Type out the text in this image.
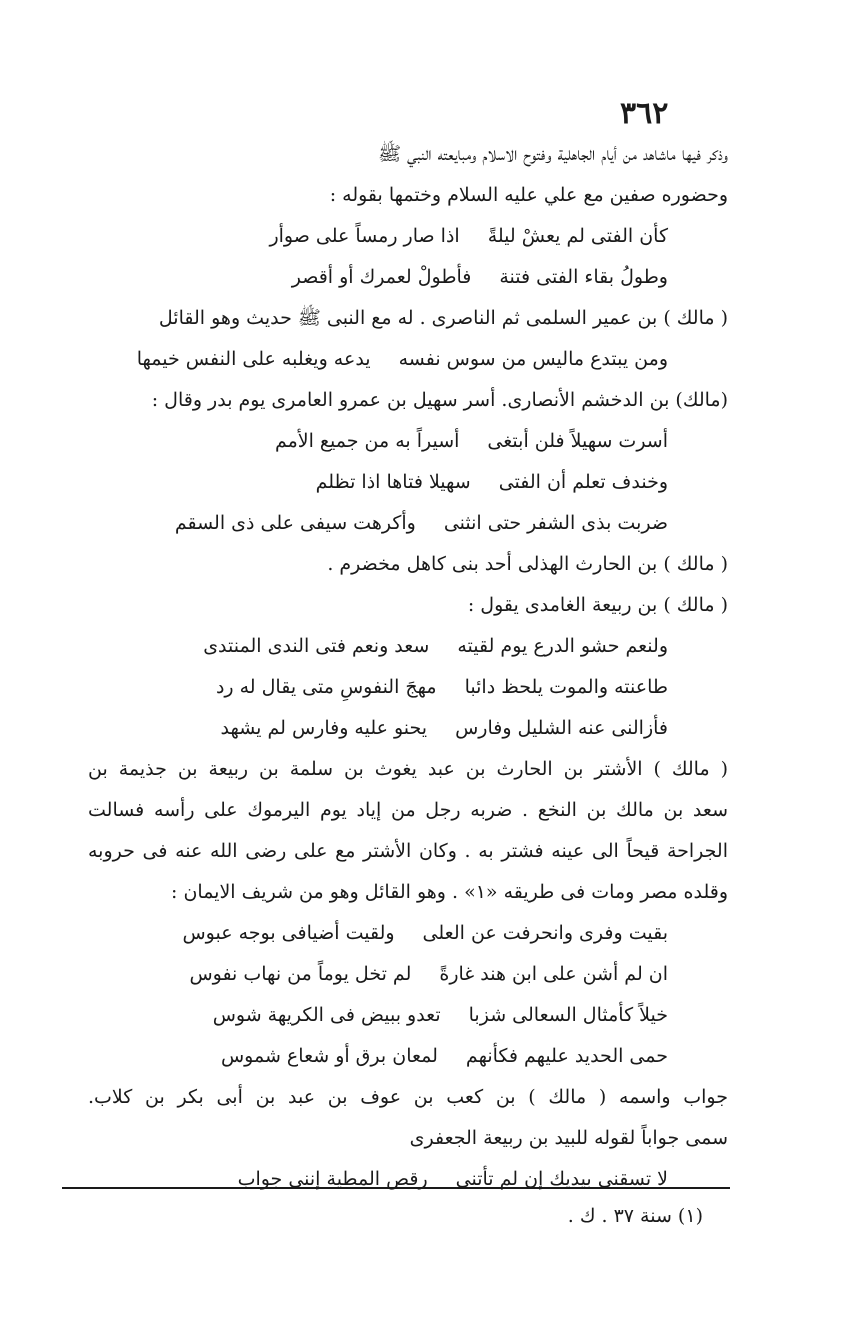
٣٦٢
وذكر فيها ماشاهد من أيام الجاهلية وفتوح الاسلام ومبايعته النبي ﷺ
وحضوره صفين مع علي عليه السلام وختمها بقوله :
كأن الفتى لم يعشْ ليلةً
اذا صار رمساً على صوأر
وطولُ بقاء الفتى فتنة
فأطولْ لعمرك أو أقصر
( مالك ) بن عمير السلمى ثم الناصرى . له مع النبى ﷺ حديث وهو القائل
ومن يبتدع ماليس من سوس نفسه
يدعه ويغلبه على النفس خيمها
(مالك) بن الدخشم الأنصارى. أسر سهيل بن عمرو العامرى يوم بدر وقال :
أسرت سهيلاً فلن أبتغى
أسيراً به من جميع الأمم
وخندف تعلم أن الفتى
سهيلا فتاها اذا تظلم
ضربت بذى الشفر حتى انثنى
وأكرهت سيفى على ذى السقم
( مالك ) بن الحارث الهذلى أحد بنى كاهل مخضرم .
( مالك ) بن ربيعة الغامدى يقول :
ولنعم حشو الدرع يوم لقيته
سعد ونعم فتى الندى المنتدى
طاعنته والموت يلحظ دائبا
مهجَ النفوسِ متى يقال له رد
فأزالنى عنه الشليل وفارس
يحنو عليه وفارس لم يشهد
( مالك ) الأشتر بن الحارث بن عبد يغوث بن سلمة بن ربيعة بن جذيمة بن
سعد بن مالك بن النخع . ضربه رجل من إياد يوم اليرموك على رأسه فسالت
الجراحة قيحاً الى عينه فشتر به . وكان الأشتر مع على رضى الله عنه فى حروبه
وقلده مصر ومات فى طريقه «١» . وهو القائل وهو من شريف الايمان :
بقيت وفرى وانحرفت عن العلى
ولقيت أضيافى بوجه عبوس
ان لم أشن على ابن هند غارةً
لم تخل يوماً من نهاب نفوس
خيلاً كأمثال السعالى شزبا
تعدو ببيض فى الكريهة شوس
حمى الحديد عليهم فكأنهم
لمعان برق أو شعاع شموس
جواب واسمه ( مالك ) بن كعب بن عوف بن عبد بن أبى بكر بن كلاب.
سمى جواباً لقوله للبيد بن ربيعة الجعفرى
لا تسقنى بيديك إن لم تأتنى
رقص المطية إننى جواب
(١) سنة ٣٧ . ك .
